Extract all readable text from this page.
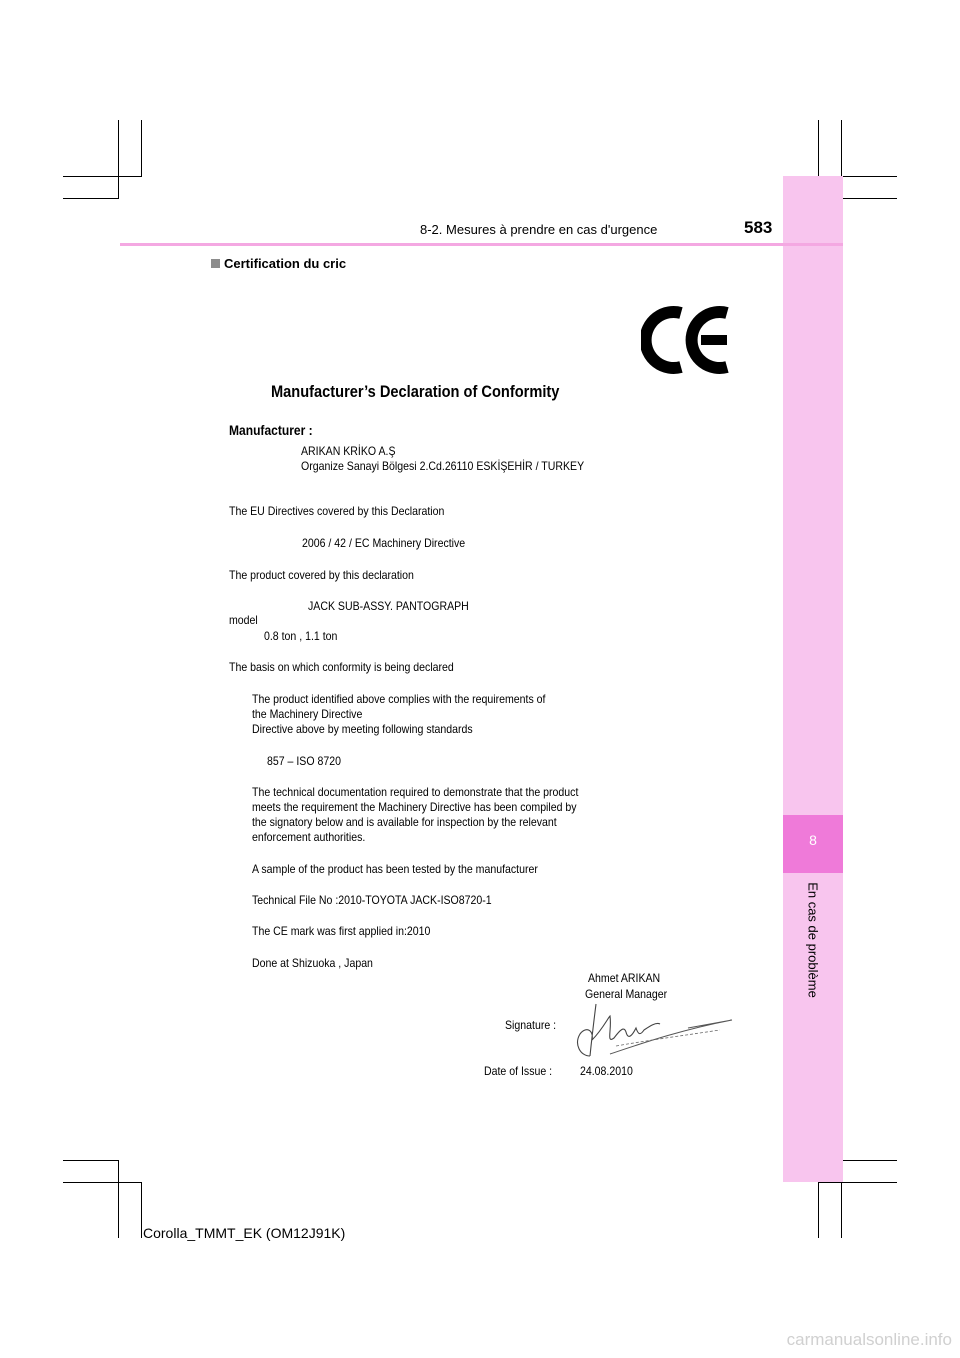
8
En cas de problème
8-2. Mesures à prendre en cas d'urgence	583
Certification du cric
Manufacturer’s Declaration of Conformity
Manufacturer :
ARIKAN KRİKO A.Ş
Organize Sanayi Bölgesi 2.Cd.26110 ESKİŞEHİR / TURKEY
The EU Directives covered by this Declaration
2006 / 42 / EC Machinery Directive
The product covered by this declaration
JACK SUB-ASSY. PANTOGRAPH
model
0.8 ton , 1.1 ton
The basis on which conformity is being declared
The product identified above complies with the requirements of
the Machinery Directive
Directive above by meeting following standards
857 – ISO 8720
The technical documentation required to demonstrate that the product
meets the requirement the Machinery Directive has been compiled by
the signatory below and is available for inspection by the relevant
enforcement authorities.
A sample of the product has been tested by the manufacturer
Technical File No :2010-TOYOTA JACK-ISO8720-1
The CE mark was first applied in:2010
Done at Shizuoka , Japan
Ahmet ARIKAN
General Manager
Signature :
Date of Issue : 24.08.2010
Corolla_TMMT_EK (OM12J91K)
carmanualsonline.info
